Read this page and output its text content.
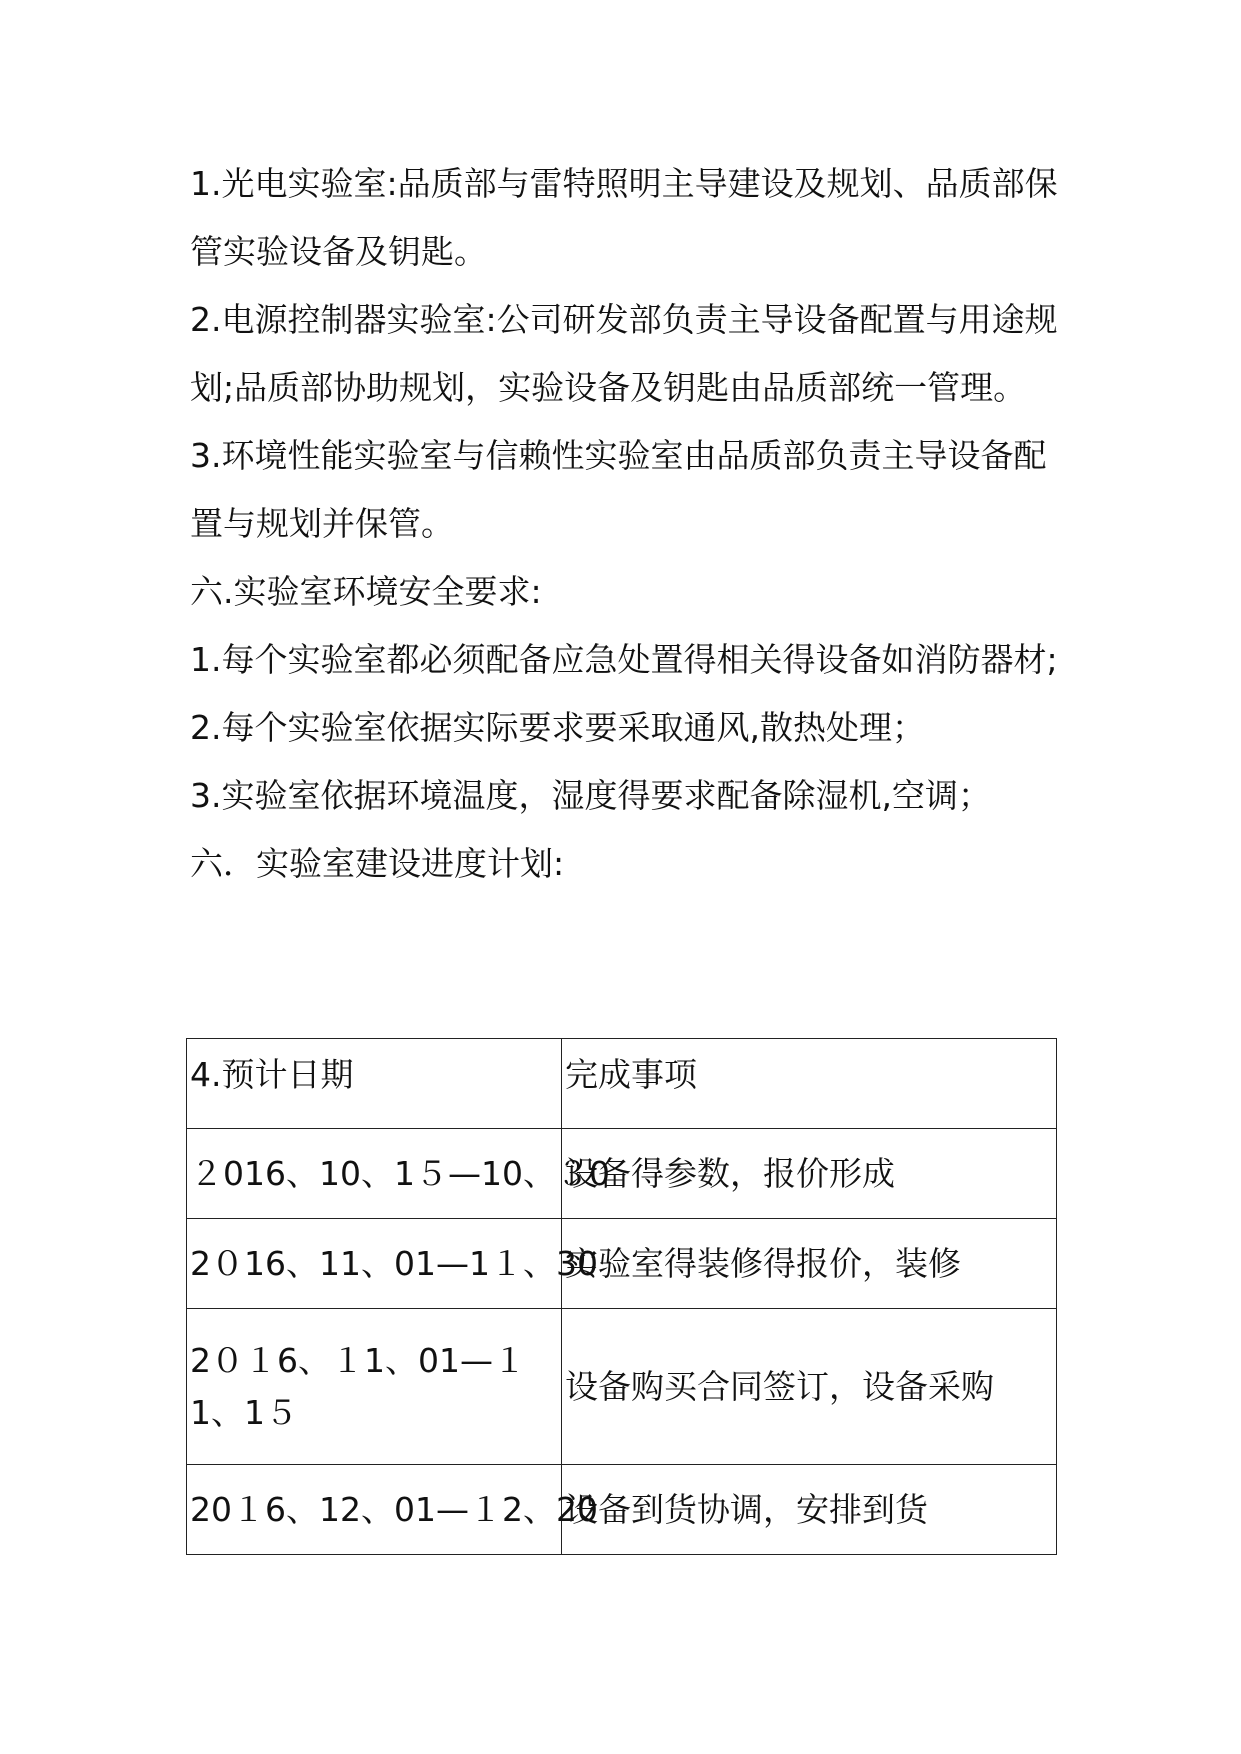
1.光电实验室:品质部与雷特照明主导建设及规划、品质部保管实验设备及钥匙。

2.电源控制器实验室:公司研发部负责主导设备配置与用途规划;品质部协助规划，实验设备及钥匙由品质部统一管理。

3.环境性能实验室与信赖性实验室由品质部负责主导设备配置与规划并保管。

六.实验室环境安全要求:

1.每个实验室都必须配备应急处置得相关得设备如消防器材;

2.每个实验室依据实际要求要采取通风,散热处理；

3.实验室依据环境温度，湿度得要求配备除湿机,空调；

六．实验室建设进度计划:

4.预计日期	完成事项
２016、10、1５—10、３0	设备得参数，报价形成
2０16、11、01—1１、30	实验室得装修得报价，装修
2０１6、１1、01—１1、1５	设备购买合同签订，设备采购
20１6、12、01—１2、20	设备到货协调，安排到货
